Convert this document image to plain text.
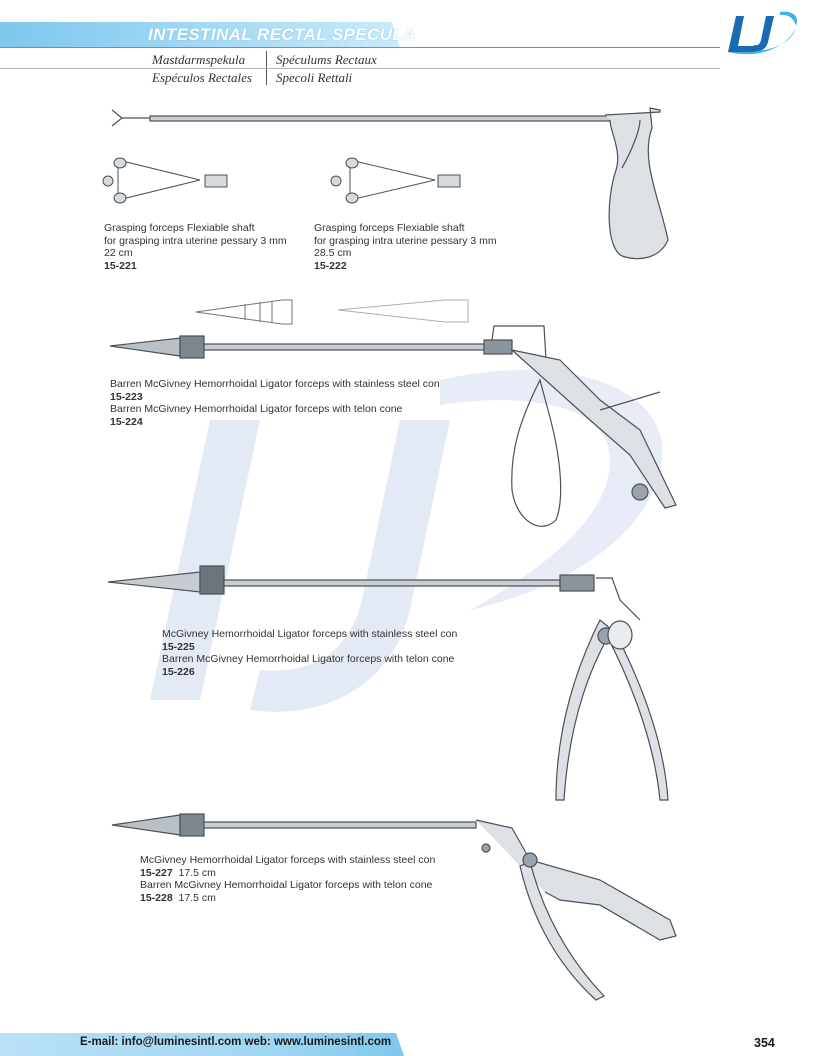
INTESTINAL RECTAL SPECULA
Mastdarmspekula Spéculums Rectaux
Espéculos Rectales Specoli Rettali
Grasping forceps Flexiable shaft
for grasping intra uterine pessary 3 mm
22 cm
15-221
Grasping forceps Flexiable shaft
for grasping intra uterine pessary 3 mm
28.5 cm
15-222
Barren McGivney Hemorrhoidal Ligator forceps with stainless steel con
15-223
Barren McGivney Hemorrhoidal Ligator forceps with telon cone
15-224
McGivney Hemorrhoidal Ligator forceps with stainless steel con
15-225
Barren McGivney Hemorrhoidal Ligator forceps with telon cone
15-226
McGivney Hemorrhoidal Ligator forceps with stainless steel con
15-227 17.5 cm
Barren McGivney Hemorrhoidal Ligator forceps with telon cone
15-228 17.5 cm
E-mail: info@luminesintl.com web: www.luminesintl.com	354
